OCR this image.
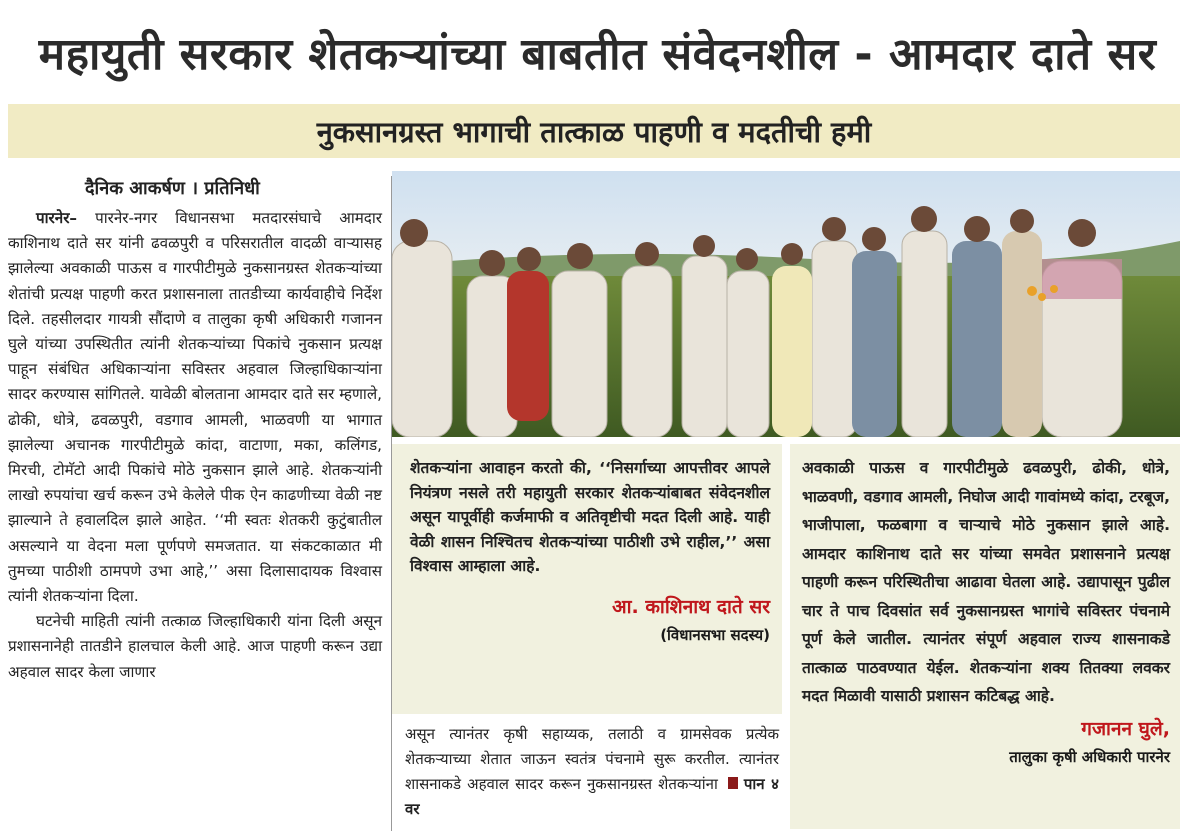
महायुती सरकार शेतकऱ्यांच्या बाबतीत संवेदनशील - आमदार दाते सर
नुकसानग्रस्त भागाची तात्काळ पाहणी व मदतीची हमी
दैनिक आकर्षण । प्रतिनिधी

पारनेर– पारनेर-नगर विधानसभा मतदारसंघाचे आमदार काशिनाथ दाते सर यांनी ढवळपुरी व परिसरातील वादळी वाऱ्यासह झालेल्या अवकाळी पाऊस व गारपीटीमुळे नुकसानग्रस्त शेतकऱ्यांच्या शेतांची प्रत्यक्ष पाहणी करत प्रशासनाला तातडीच्या कार्यवाहीचे निर्देश दिले. तहसीलदार गायत्री सौंदाणे व तालुका कृषी अधिकारी गजानन घुले यांच्या उपस्थितीत त्यांनी शेतकऱ्यांच्या पिकांचे नुकसान प्रत्यक्ष पाहून संबंधित अधिकाऱ्यांना सविस्तर अहवाल जिल्हाधिकाऱ्यांना सादर करण्यास सांगितले. यावेळी बोलताना आमदार दाते सर म्हणाले, ढोकी, धोत्रे, ढवळपुरी, वडगाव आमली, भाळवणी या भागात झालेल्या अचानक गारपीटीमुळे कांदा, वाटाणा, मका, कलिंगड, मिरची, टोमॅटो आदी पिकांचे मोठे नुकसान झाले आहे. शेतकऱ्यांनी लाखो रुपयांचा खर्च करून उभे केलेले पीक ऐन काढणीच्या वेळी नष्ट झाल्याने ते हवालदिल झाले आहेत. ‘‘मी स्वतः शेतकरी कुटुंबातील असल्याने या वेदना मला पूर्णपणे समजतात. या संकटकाळात मी तुमच्या पाठीशी ठामपणे उभा आहे,’’ असा दिलासादायक विश्वास त्यांनी शेतकऱ्यांना दिला.

घटनेची माहिती त्यांनी तत्काळ जिल्हाधिकारी यांना दिली असून प्रशासनानेही तातडीने हालचाल केली आहे. आज पाहणी करून उद्या अहवाल सादर केला जाणार

शेतकऱ्यांना आवाहन करतो की, ‘‘निसर्गाच्या आपत्तीवर आपले नियंत्रण नसले तरी महायुती सरकार शेतकऱ्यांबाबत संवेदनशील असून यापूर्वीही कर्जमाफी व अतिवृष्टीची मदत दिली आहे. याही वेळी शासन निश्चितच शेतकऱ्यांच्या पाठीशी उभे राहील,’’ असा विश्वास आम्हाला आहे.
आ. काशिनाथ दाते सर
(विधानसभा सदस्य)
असून त्यानंतर कृषी सहाय्यक, तलाठी व ग्रामसेवक प्रत्येक शेतकऱ्याच्या शेतात जाऊन स्वतंत्र पंचनामे सुरू करतील. त्यानंतर शासनाकडे अहवाल सादर करून नुकसानग्रस्त शेतकऱ्यांना पान ४ वर
अवकाळी पाऊस व गारपीटीमुळे ढवळपुरी, ढोकी, धोत्रे, भाळवणी, वडगाव आमली, निघोज आदी गावांमध्ये कांदा, टरबूज, भाजीपाला, फळबागा व चाऱ्याचे मोठे नुकसान झाले आहे. आमदार काशिनाथ दाते सर यांच्या समवेत प्रशासनाने प्रत्यक्ष पाहणी करून परिस्थितीचा आढावा घेतला आहे. उद्यापासून पुढील चार ते पाच दिवसांत सर्व नुकसानग्रस्त भागांचे सविस्तर पंचनामे पूर्ण केले जातील. त्यानंतर संपूर्ण अहवाल राज्य शासनाकडे तात्काळ पाठवण्यात येईल. शेतकऱ्यांना शक्य तितक्या लवकर मदत मिळावी यासाठी प्रशासन कटिबद्ध आहे.
गजानन घुले,
तालुका कृषी अधिकारी पारनेर
